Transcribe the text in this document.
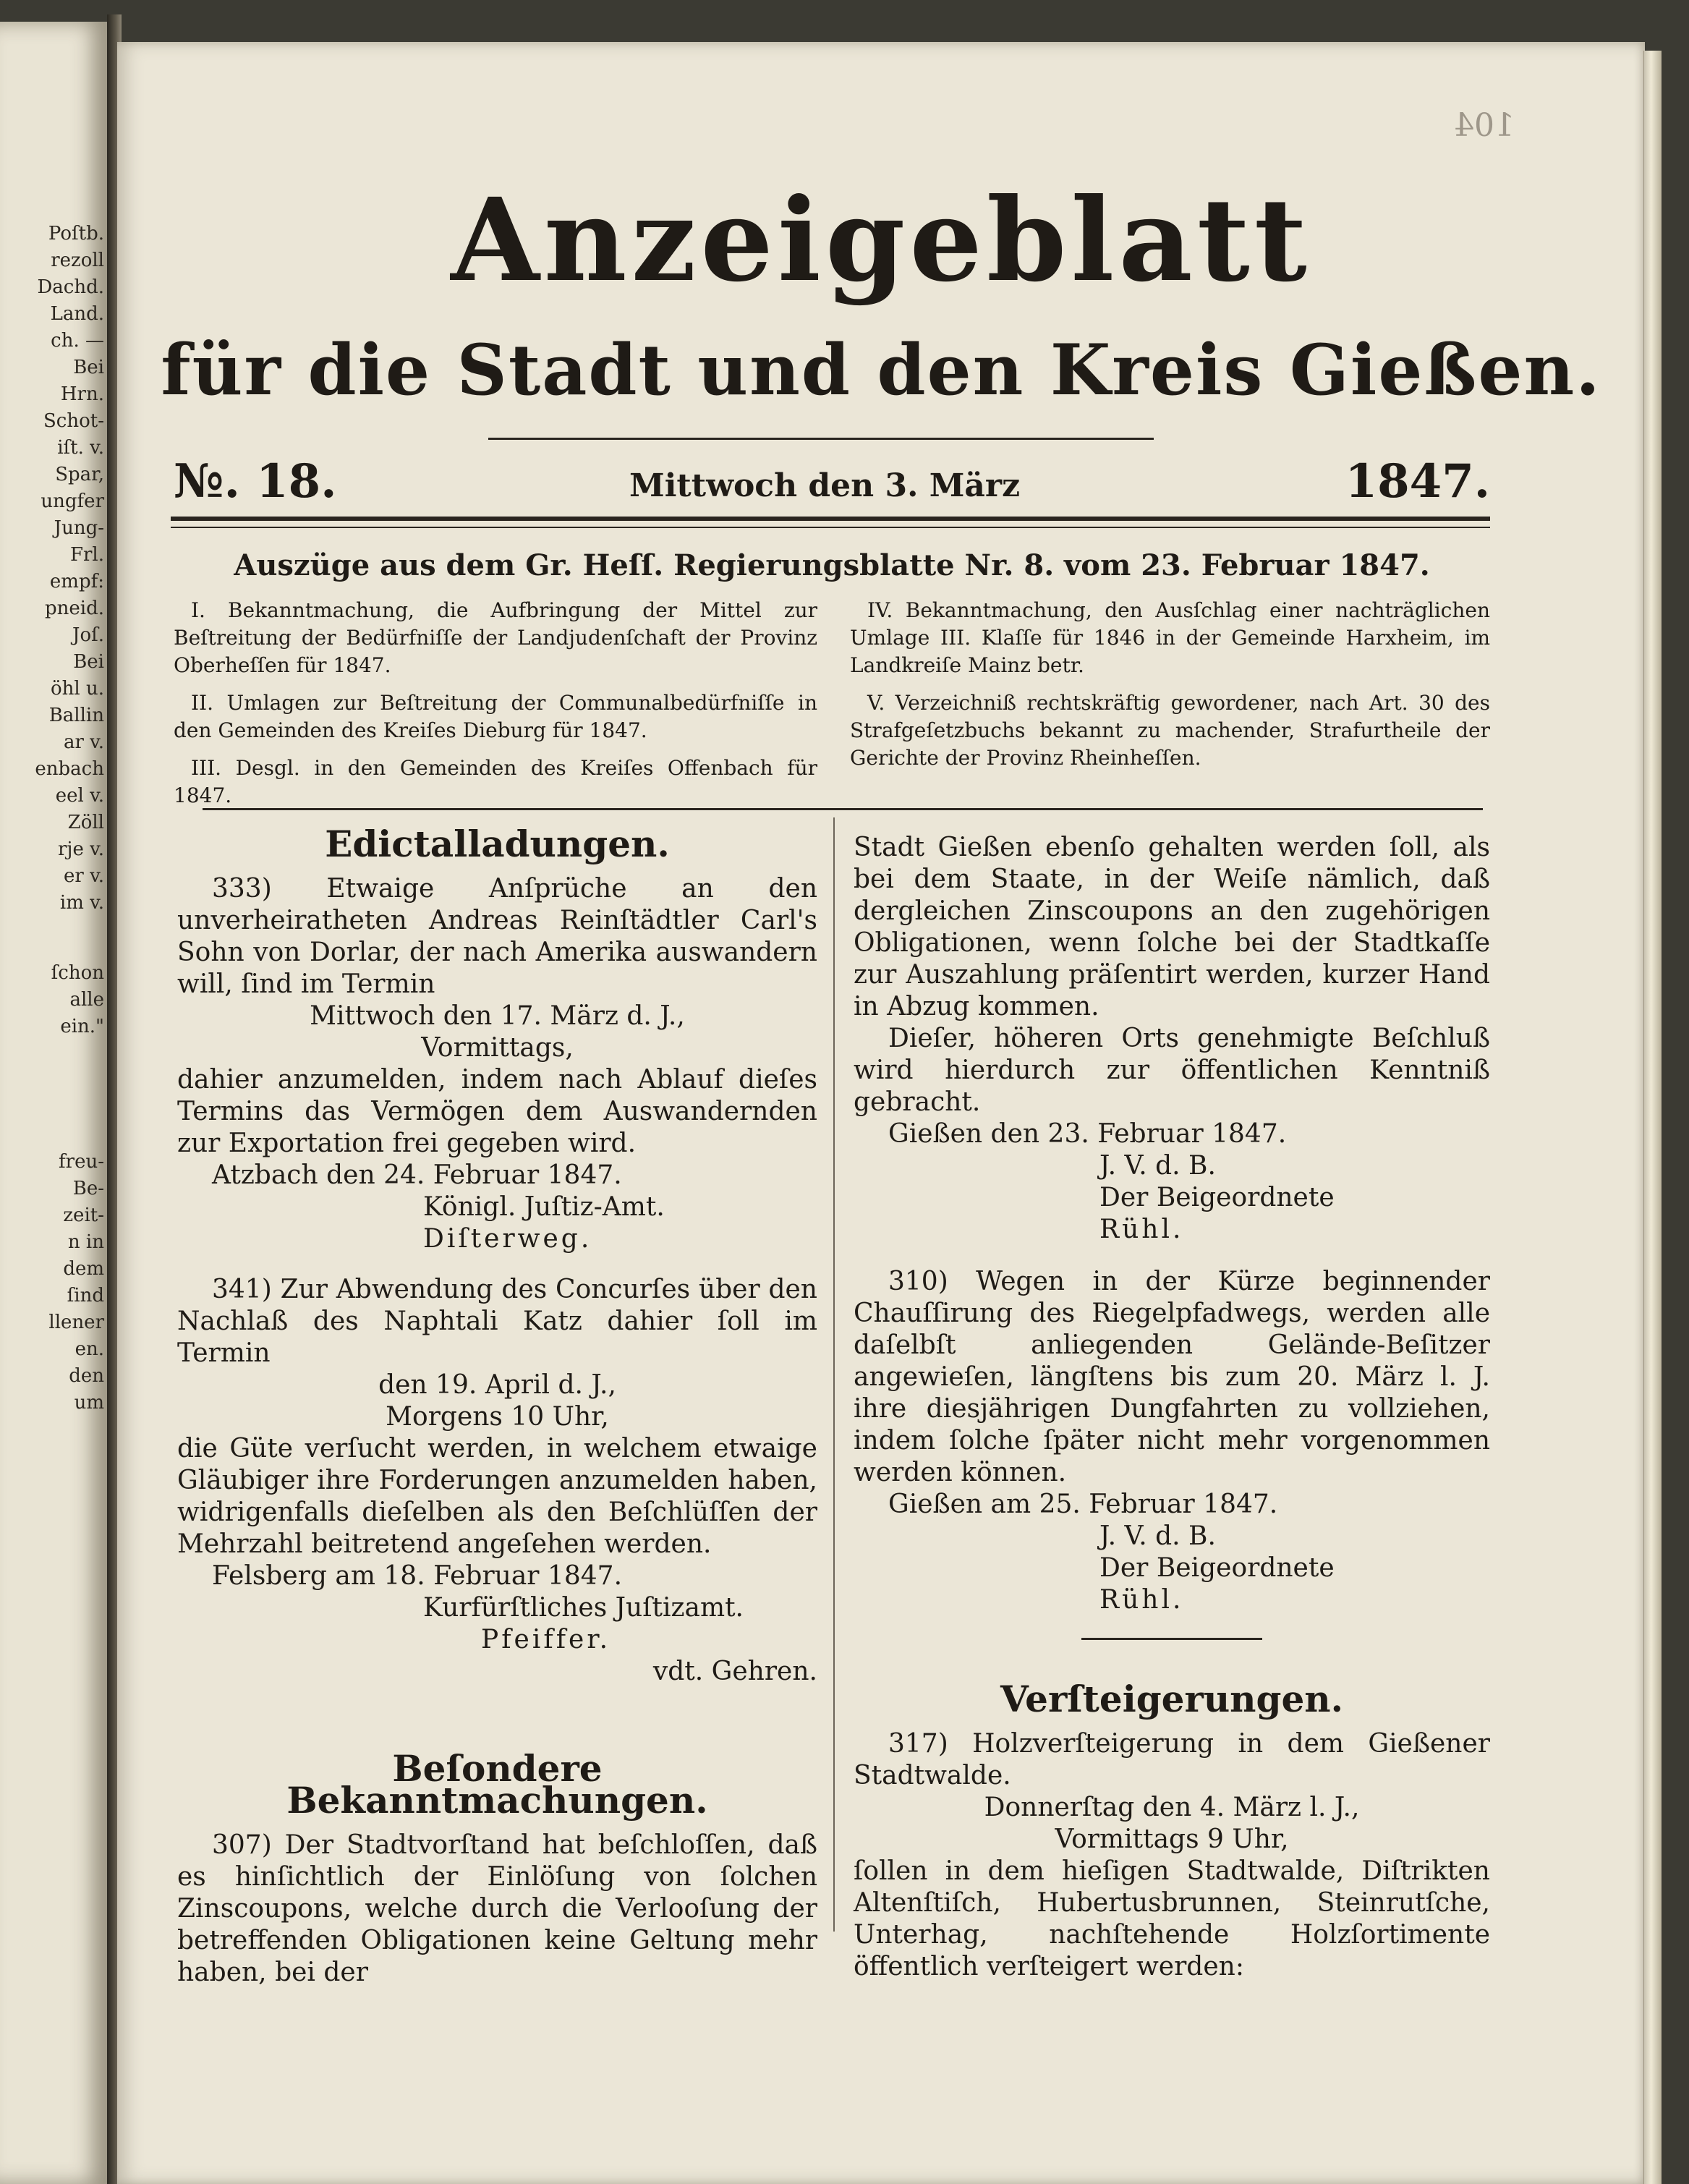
Poſtb.
rezoll
Dachd.
Land.
ch. —
Bei
Hrn.
Schot-
iſt. v.
Spar,
ungfer
Jung-
Frl.
empf:
pneid.
Joſ.
Bei
öhl u.
Ballin
ar v.
enbach
eel v.
Zöll
rje v.
er v.
im v.
ſchon
alle
ein."
freu-
Be-
zeit-
n in
dem
ſind
llener
en.
den
um
104
Anzeigeblatt
für die Stadt und den Kreis Gießen.
№. 18.	Mittwoch den 3. März	1847.
Auszüge aus dem Gr. Heſſ. Regierungsblatte Nr. 8. vom 23. Februar 1847.

I. Bekanntmachung, die Aufbringung der Mittel zur Beſtreitung der Bedürfniſſe der Landjudenſchaft der Provinz Oberheſſen für 1847.

II. Umlagen zur Beſtreitung der Communalbedürfniſſe in den Gemeinden des Kreiſes Dieburg für 1847.

III. Desgl. in den Gemeinden des Kreiſes Offenbach für 1847.

IV. Bekanntmachung, den Ausſchlag einer nachträglichen Umlage III. Klaſſe für 1846 in der Gemeinde Harxheim, im Landkreiſe Mainz betr.

V. Verzeichniß rechtskräftig gewordener, nach Art. 30 des Strafgeſetzbuchs bekannt zu machender, Strafurtheile der Gerichte der Provinz Rheinheſſen.

Edictalladungen.

333) Etwaige Anſprüche an den unverheiratheten Andreas Reinſtädtler Carl's Sohn von Dorlar, der nach Amerika auswandern will, ſind im Termin

Mittwoch den 17. März d. J.,

Vormittags,

dahier anzumelden, indem nach Ablauf dieſes Termins das Vermögen dem Auswandernden zur Exportation frei gegeben wird.

Atzbach den 24. Februar 1847.

Königl. Juſtiz-Amt.

Diſterweg.

341) Zur Abwendung des Concurſes über den Nachlaß des Naphtali Katz dahier ſoll im Termin

den 19. April d. J.,

Morgens 10 Uhr,

die Güte verſucht werden, in welchem etwaige Gläubiger ihre Forderungen anzumelden haben, widrigenfalls dieſelben als den Beſchlüſſen der Mehrzahl beitretend angeſehen werden.

Felsberg am 18. Februar 1847.

Kurfürſtliches Juſtizamt.

Pfeiffer.

vdt. Gehren.

Beſondere Bekanntmachungen.

307) Der Stadtvorſtand hat beſchloſſen, daß es hinſichtlich der Einlöſung von ſolchen Zinscoupons, welche durch die Verlooſung der betreffenden Obligationen keine Geltung mehr haben, bei der

Stadt Gießen ebenſo gehalten werden ſoll, als bei dem Staate, in der Weiſe nämlich, daß dergleichen Zinscoupons an den zugehörigen Obligationen, wenn ſolche bei der Stadtkaſſe zur Auszahlung präſentirt werden, kurzer Hand in Abzug kommen.

Dieſer, höheren Orts genehmigte Beſchluß wird hierdurch zur öffentlichen Kenntniß gebracht.

Gießen den 23. Februar 1847.

J. V. d. B.

Der Beigeordnete

Rühl.

310) Wegen in der Kürze beginnender Chauſſirung des Riegelpfadwegs, werden alle daſelbſt anliegenden Gelände-Beſitzer angewieſen, längſtens bis zum 20. März l. J. ihre diesjährigen Dungfahrten zu vollziehen, indem ſolche ſpäter nicht mehr vorgenommen werden können.

Gießen am 25. Februar 1847.

J. V. d. B.

Der Beigeordnete

Rühl.

Verſteigerungen.

317) Holzverſteigerung in dem Gießener Stadtwalde.

Donnerſtag den 4. März l. J.,

Vormittags 9 Uhr,

ſollen in dem hieſigen Stadtwalde, Diſtrikten Altenſtiſch, Hubertusbrunnen, Steinrutſche, Unterhag, nachſtehende Holzſortimente öffentlich verſteigert werden:
